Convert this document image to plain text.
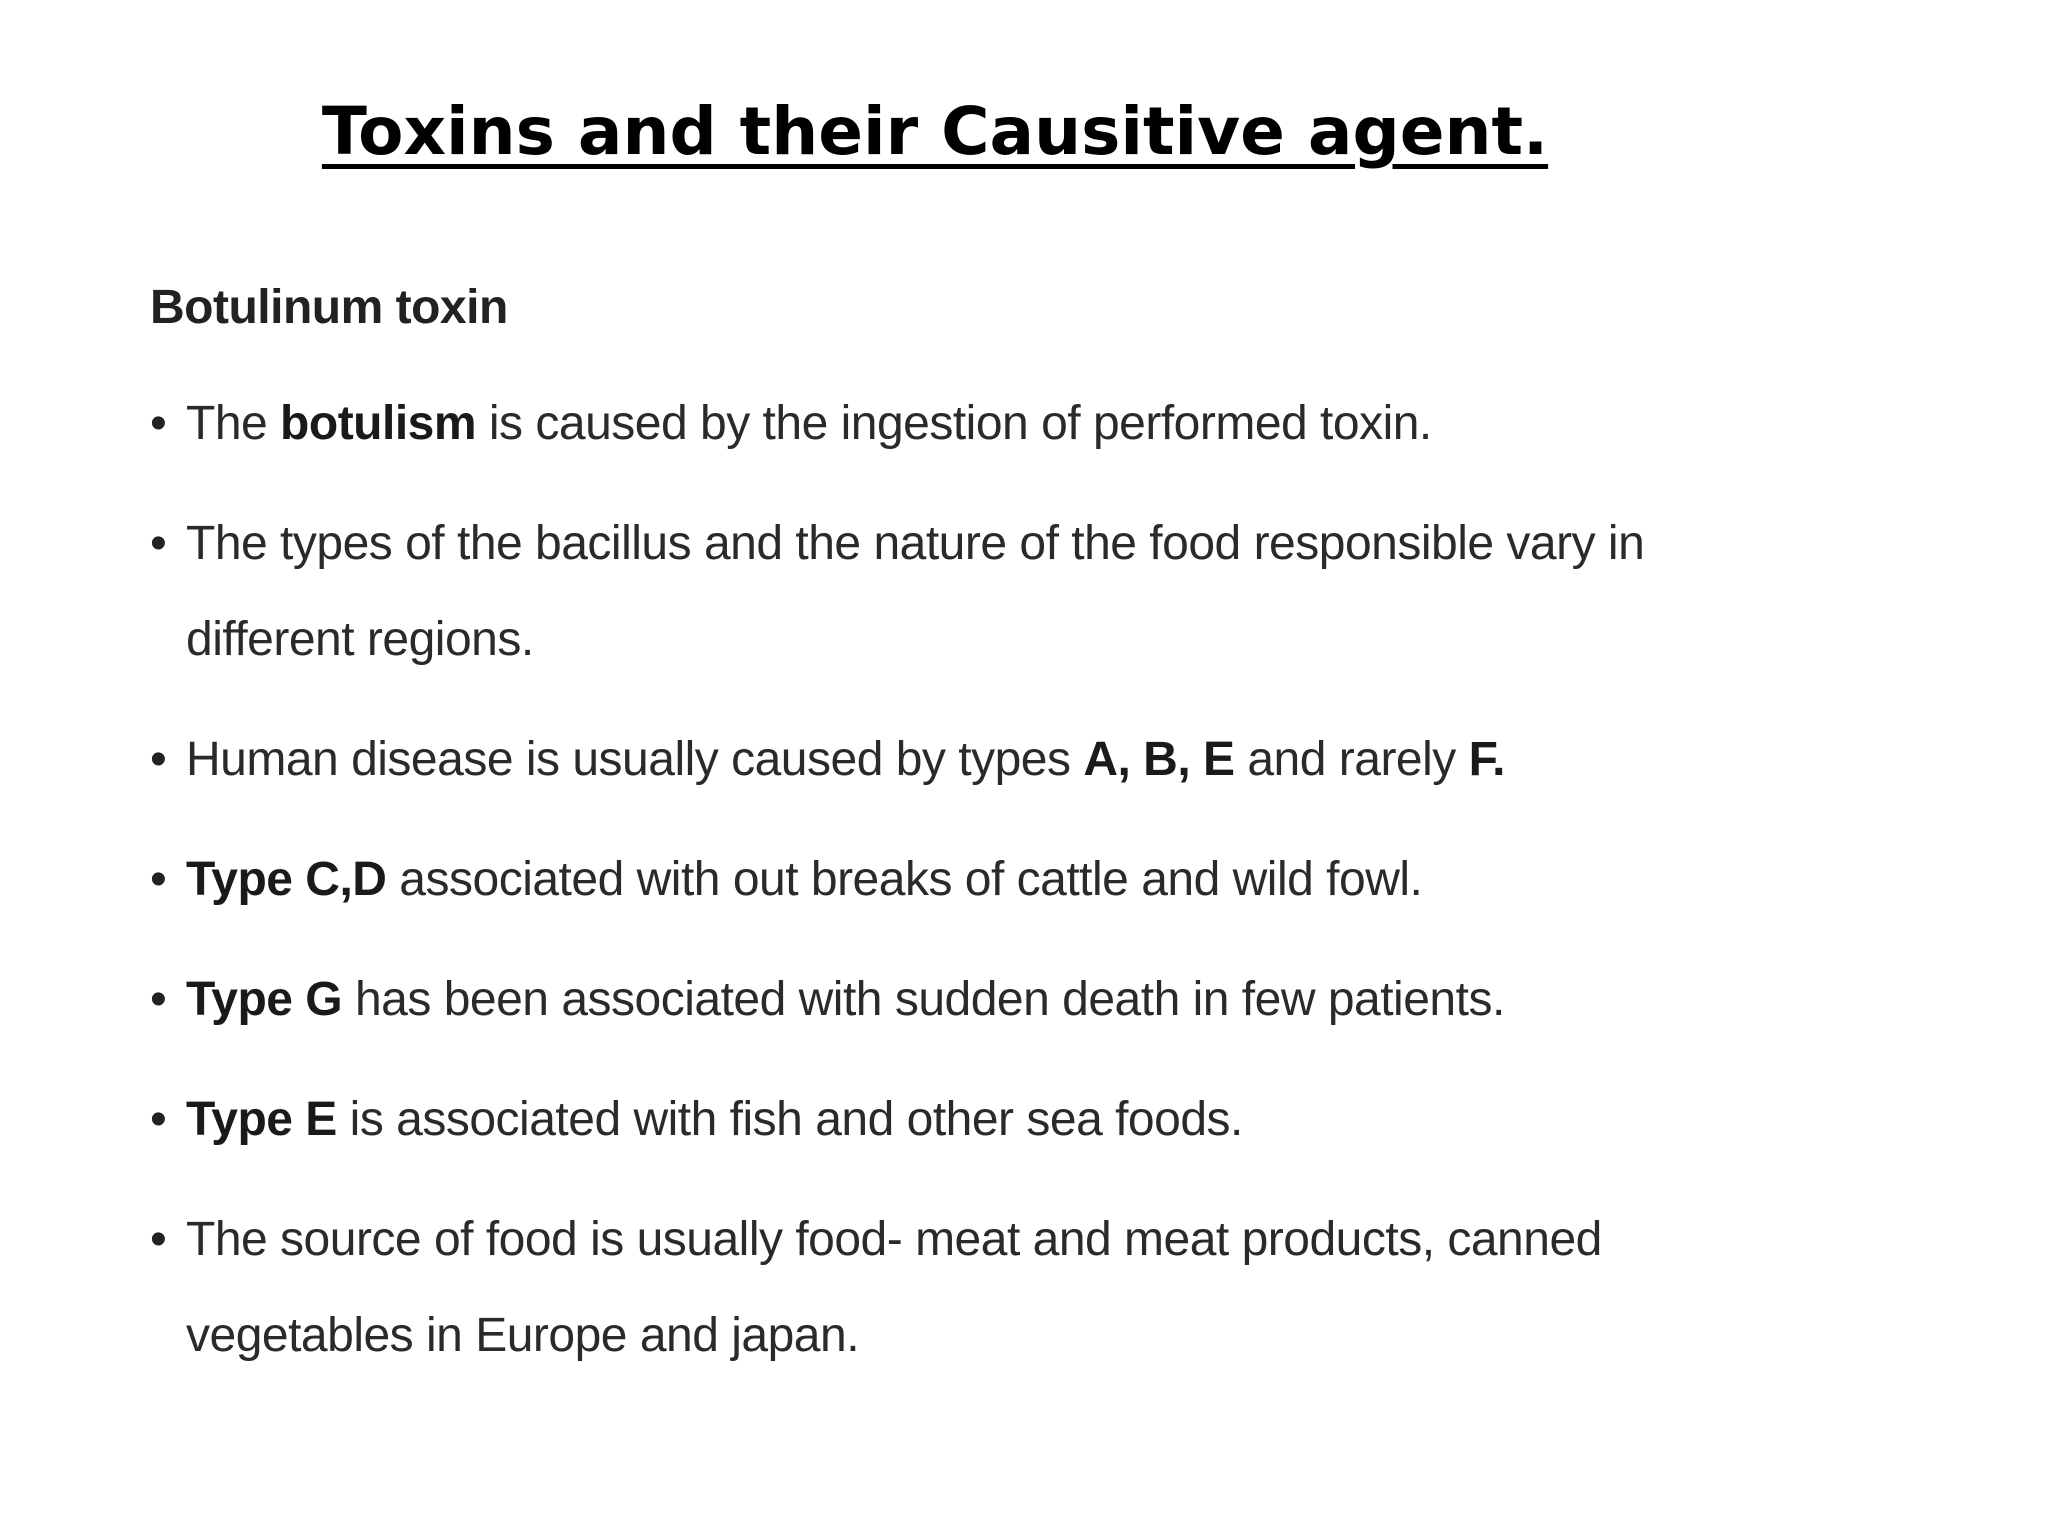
Toxins and their Causitive agent.
Botulinum toxin
• The botulism is caused by the ingestion of performed toxin.
• The types of the bacillus and the nature of the food responsible vary in different regions.
• Human disease is usually caused by types A, B, E and rarely F.
• Type C,D associated with out breaks of cattle and wild fowl.
• Type G has been associated with sudden death in few patients.
• Type E is associated with fish and other sea foods.
• The source of food is usually food- meat and meat products, canned vegetables in Europe and japan.
